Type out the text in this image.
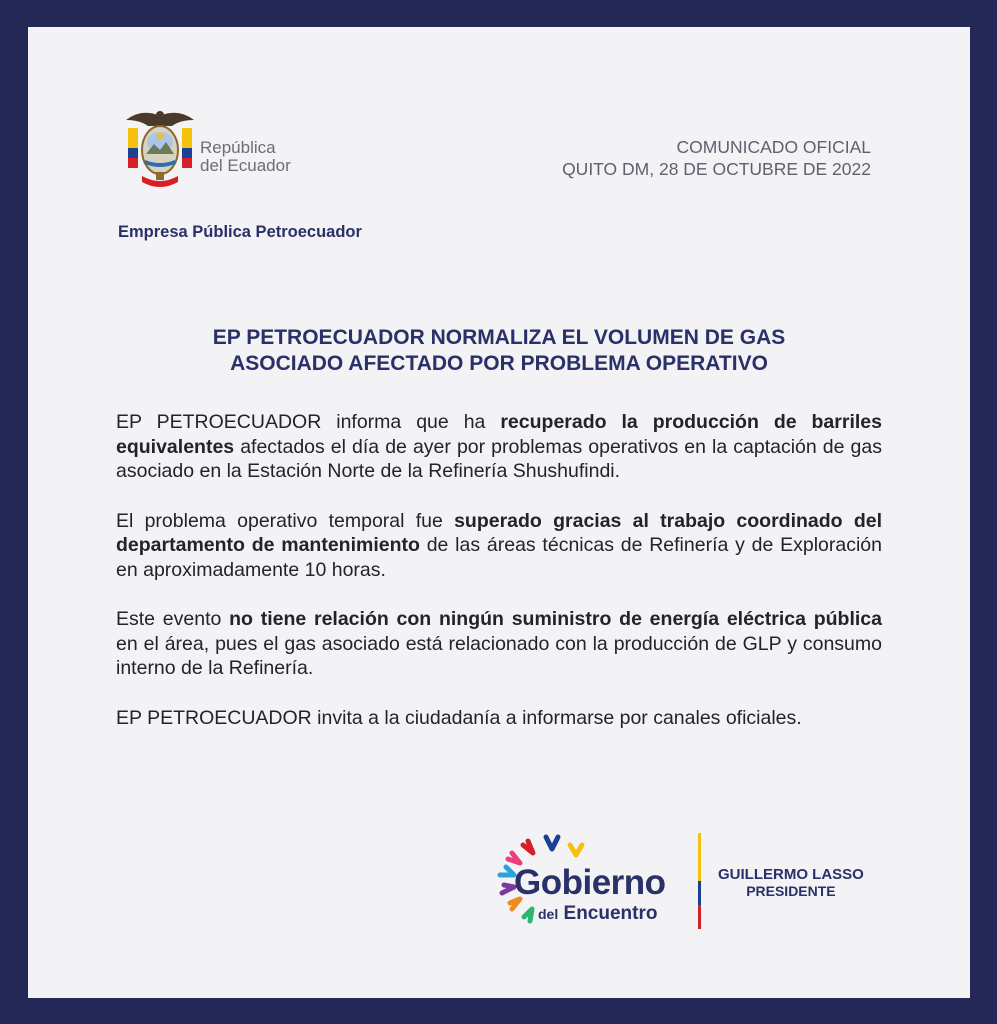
República
del Ecuador
Empresa Pública Petroecuador
COMUNICADO OFICIAL
QUITO DM, 28 DE OCTUBRE DE 2022
EP PETROECUADOR NORMALIZA EL VOLUMEN DE GAS
ASOCIADO AFECTADO POR PROBLEMA OPERATIVO

EP PETROECUADOR informa que ha recuperado la producción de barriles equivalentes afectados el día de ayer por problemas operativos en la captación de gas asociado en la Estación Norte de la Refinería Shushufindi.

El problema operativo temporal fue superado gracias al trabajo coordinado del departamento de mantenimiento de las áreas técnicas de Refinería y de Exploración en aproximadamente 10 horas.

Este evento no tiene relación con ningún suministro de energía eléctrica pública en el área, pues el gas asociado está relacionado con la producción de GLP y consumo interno de la Refinería.

EP PETROECUADOR invita a la ciudadanía a informarse por canales oficiales.

Gobierno
del Encuentro
GUILLERMO LASSO
PRESIDENTE
